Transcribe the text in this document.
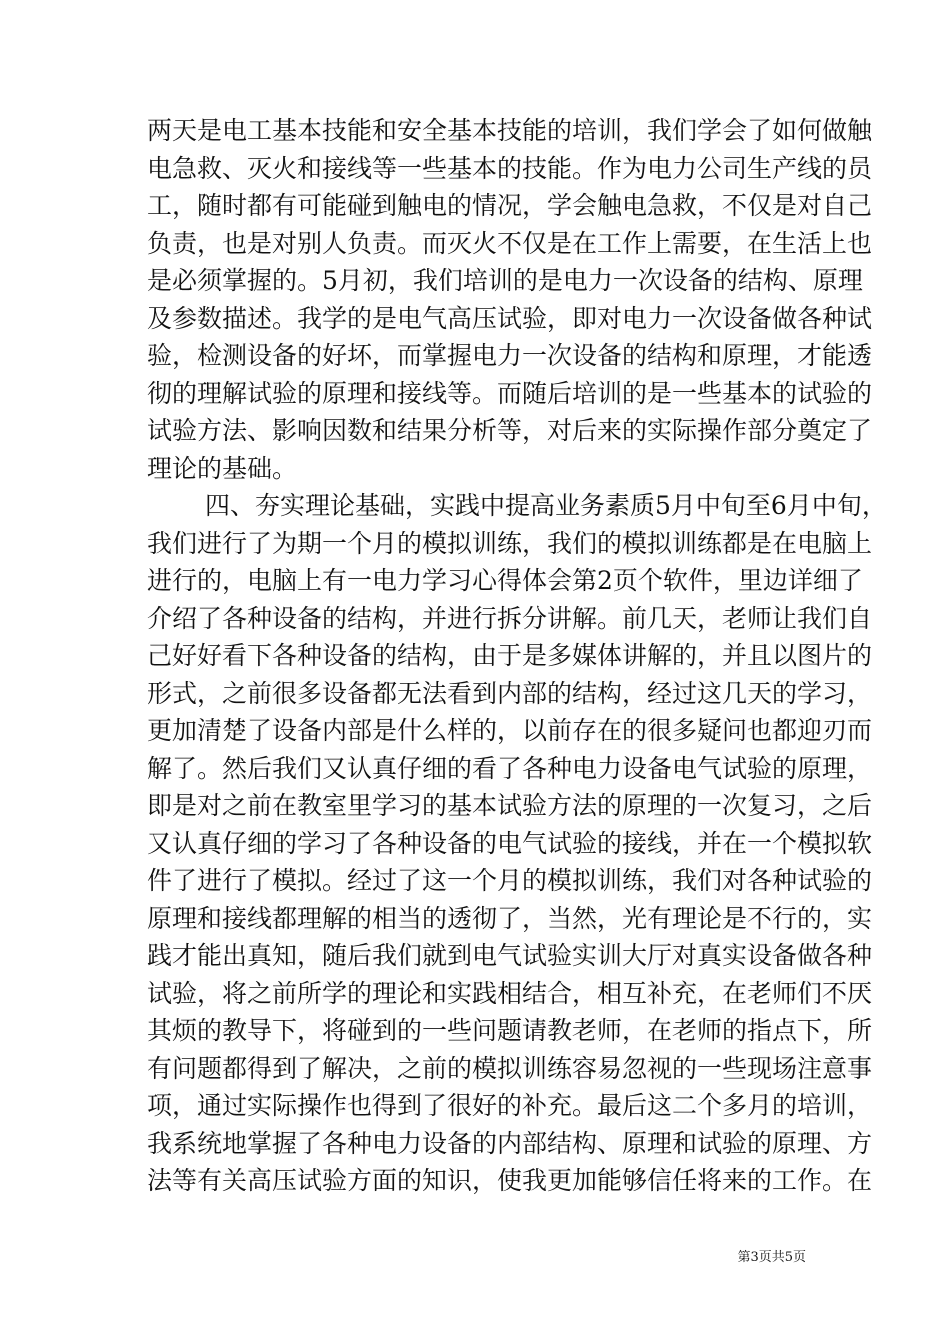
两天是电工基本技能和安全基本技能的培训，我们学会了如何做触
电急救、灭火和接线等一些基本的技能。作为电力公司生产线的员
工，随时都有可能碰到触电的情况，学会触电急救，不仅是对自己
负责，也是对别人负责。而灭火不仅是在工作上需要，在生活上也
是必须掌握的。5月初，我们培训的是电力一次设备的结构、原理
及参数描述。我学的是电气高压试验，即对电力一次设备做各种试
验，检测设备的好坏，而掌握电力一次设备的结构和原理，才能透
彻的理解试验的原理和接线等。而随后培训的是一些基本的试验的
试验方法、影响因数和结果分析等，对后来的实际操作部分奠定了
理论的基础。
四、夯实理论基础，实践中提高业务素质5月中旬至6月中旬，
我们进行了为期一个月的模拟训练，我们的模拟训练都是在电脑上
进行的，电脑上有一电力学习心得体会第2页个软件，里边详细了
介绍了各种设备的结构，并进行拆分讲解。前几天，老师让我们自
己好好看下各种设备的结构，由于是多媒体讲解的，并且以图片的
形式，之前很多设备都无法看到内部的结构，经过这几天的学习，
更加清楚了设备内部是什么样的，以前存在的很多疑问也都迎刃而
解了。然后我们又认真仔细的看了各种电力设备电气试验的原理，
即是对之前在教室里学习的基本试验方法的原理的一次复习，之后
又认真仔细的学习了各种设备的电气试验的接线，并在一个模拟软
件了进行了模拟。经过了这一个月的模拟训练，我们对各种试验的
原理和接线都理解的相当的透彻了，当然，光有理论是不行的，实
践才能出真知，随后我们就到电气试验实训大厅对真实设备做各种
试验，将之前所学的理论和实践相结合，相互补充，在老师们不厌
其烦的教导下，将碰到的一些问题请教老师，在老师的指点下，所
有问题都得到了解决，之前的模拟训练容易忽视的一些现场注意事
项，通过实际操作也得到了很好的补充。最后这二个多月的培训，
我系统地掌握了各种电力设备的内部结构、原理和试验的原理、方
法等有关高压试验方面的知识，使我更加能够信任将来的工作。在
第3页共5页
